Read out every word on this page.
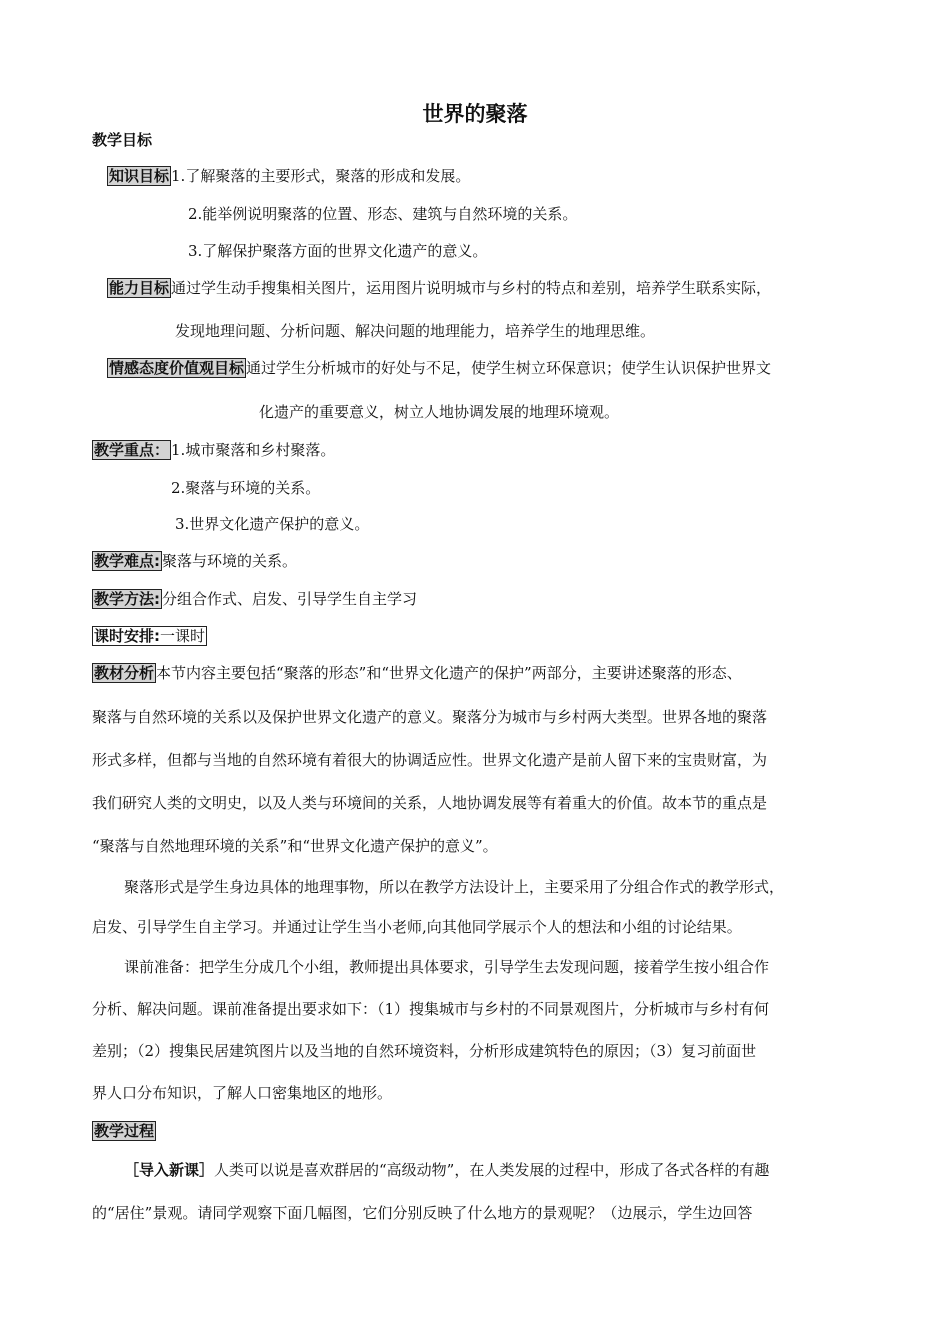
世界的聚落
教学目标
知识目标 1.了解聚落的主要形式，聚落的形成和发展。
2.能举例说明聚落的位置、形态、建筑与自然环境的关系。
3.了解保护聚落方面的世界文化遗产的意义。
能力目标 通过学生动手搜集相关图片，运用图片说明城市与乡村的特点和差别，培养学生联系实际，
发现地理问题、分析问题、解决问题的地理能力，培养学生的地理思维。
情感态度价值观目标 通过学生分析城市的好处与不足，使学生树立环保意识；使学生认识保护世界文
化遗产的重要意义，树立人地协调发展的地理环境观。
教学重点： 1.城市聚落和乡村聚落。
2.聚落与环境的关系。
3.世界文化遗产保护的意义。
教学难点: 聚落与环境的关系。
教学方法: 分组合作式、启发、引导学生自主学习
课时安排:一课时
教材分析 本节内容主要包括“聚落的形态”和“世界文化遗产的保护”两部分，主要讲述聚落的形态、
聚落与自然环境的关系以及保护世界文化遗产的意义。聚落分为城市与乡村两大类型。世界各地的聚落
形式多样，但都与当地的自然环境有着很大的协调适应性。世界文化遗产是前人留下来的宝贵财富，为
我们研究人类的文明史，以及人类与环境间的关系，人地协调发展等有着重大的价值。故本节的重点是
“聚落与自然地理环境的关系”和“世界文化遗产保护的意义”。
聚落形式是学生身边具体的地理事物，所以在教学方法设计上，主要采用了分组合作式的教学形式，
启发、引导学生自主学习。并通过让学生当小老师,向其他同学展示个人的想法和小组的讨论结果。
课前准备：把学生分成几个小组，教师提出具体要求，引导学生去发现问题，接着学生按小组合作
分析、解决问题。课前准备提出要求如下：（1）搜集城市与乡村的不同景观图片，分析城市与乡村有何
差别；（2）搜集民居建筑图片以及当地的自然环境资料，分析形成建筑特色的原因；（3）复习前面世
界人口分布知识，了解人口密集地区的地形。
教学过程
［导入新课］人类可以说是喜欢群居的“高级动物”，在人类发展的过程中，形成了各式各样的有趣
的“居住”景观。请同学观察下面几幅图，它们分别反映了什么地方的景观呢？（边展示，学生边回答
